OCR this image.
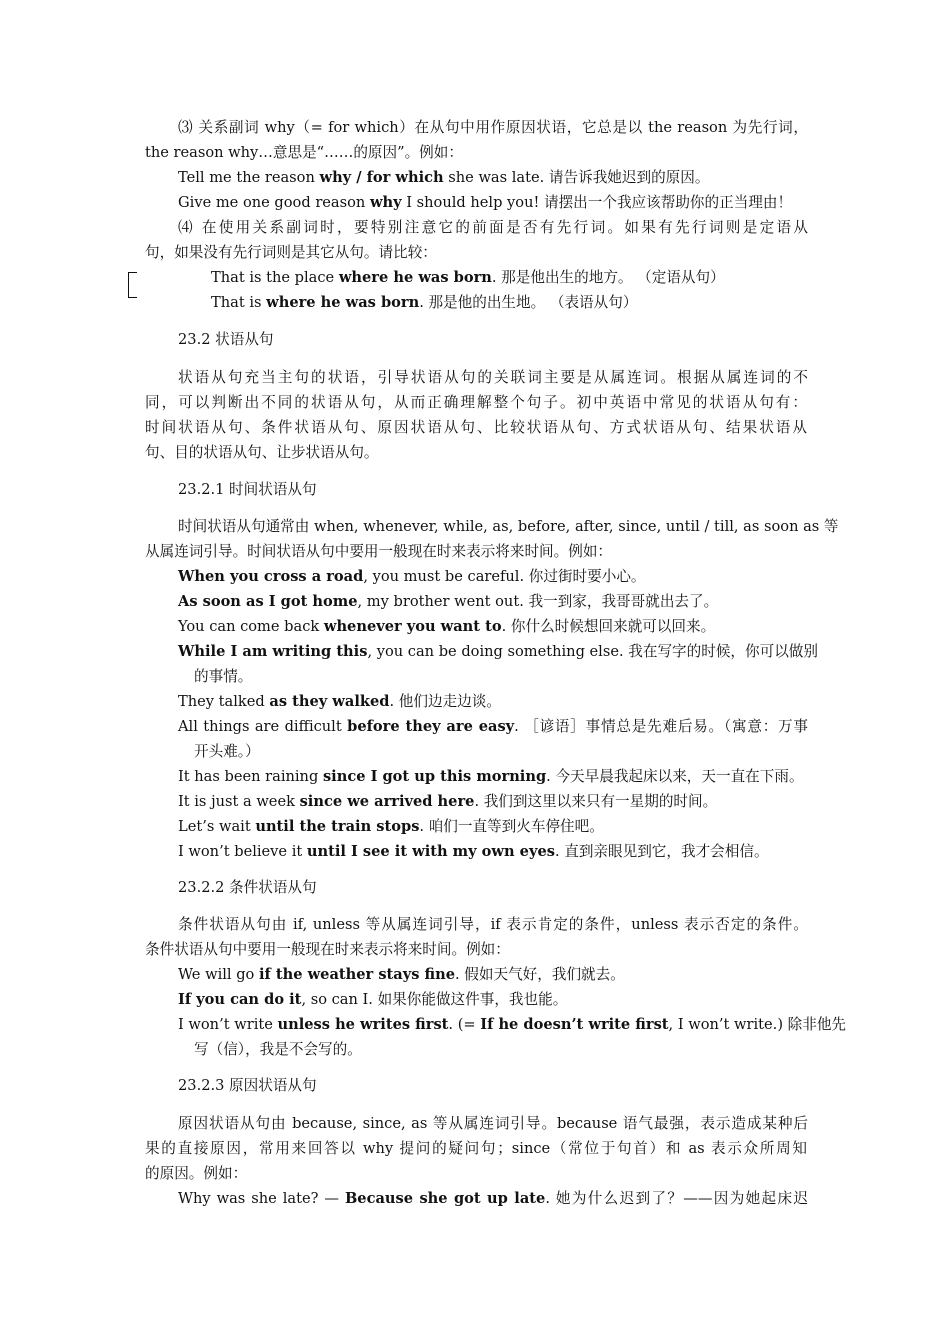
⑶ 关系副词 why（= for which）在从句中用作原因状语，它总是以 the reason 为先行词，
the reason why…意思是“……的原因”。例如：
Tell me the reason why / for which she was late. 请告诉我她迟到的原因。
Give me one good reason why I should help you! 请摆出一个我应该帮助你的正当理由！
⑷ 在使用关系副词时，要特别注意它的前面是否有先行词。如果有先行词则是定语从
句，如果没有先行词则是其它从句。请比较：
That is the place where he was born. 那是他出生的地方。 （定语从句）
That is where he was born. 那是他的出生地。 （表语从句）
23.2 状语从句
状语从句充当主句的状语，引导状语从句的关联词主要是从属连词。根据从属连词的不
同，可以判断出不同的状语从句，从而正确理解整个句子。初中英语中常见的状语从句有：
时间状语从句、条件状语从句、原因状语从句、比较状语从句、方式状语从句、结果状语从
句、目的状语从句、让步状语从句。
23.2.1 时间状语从句
时间状语从句通常由 when, whenever, while, as, before, after, since, until / till, as soon as 等
从属连词引导。时间状语从句中要用一般现在时来表示将来时间。例如：
When you cross a road, you must be careful. 你过街时要小心。
As soon as I got home, my brother went out. 我一到家，我哥哥就出去了。
You can come back whenever you want to. 你什么时候想回来就可以回来。
While I am writing this, you can be doing something else. 我在写字的时候，你可以做别
的事情。
They talked as they walked. 他们边走边谈。
All things are difficult before they are easy. ［谚语］事情总是先难后易。（寓意：万事
开头难。）
It has been raining since I got up this morning. 今天早晨我起床以来，天一直在下雨。
It is just a week since we arrived here. 我们到这里以来只有一星期的时间。
Let’s wait until the train stops. 咱们一直等到火车停住吧。
I won’t believe it until I see it with my own eyes. 直到亲眼见到它，我才会相信。
23.2.2 条件状语从句
条件状语从句由 if, unless 等从属连词引导，if 表示肯定的条件，unless 表示否定的条件。
条件状语从句中要用一般现在时来表示将来时间。例如：
We will go if the weather stays fine. 假如天气好，我们就去。
If you can do it, so can I. 如果你能做这件事，我也能。
I won’t write unless he writes first. (= If he doesn’t write first, I won’t write.) 除非他先
写（信），我是不会写的。
23.2.3 原因状语从句
原因状语从句由 because, since, as 等从属连词引导。because 语气最强，表示造成某种后
果的直接原因，常用来回答以 why 提问的疑问句；since（常位于句首）和 as 表示众所周知
的原因。例如：
Why was she late? — Because she got up late. 她为什么迟到了？——因为她起床迟
